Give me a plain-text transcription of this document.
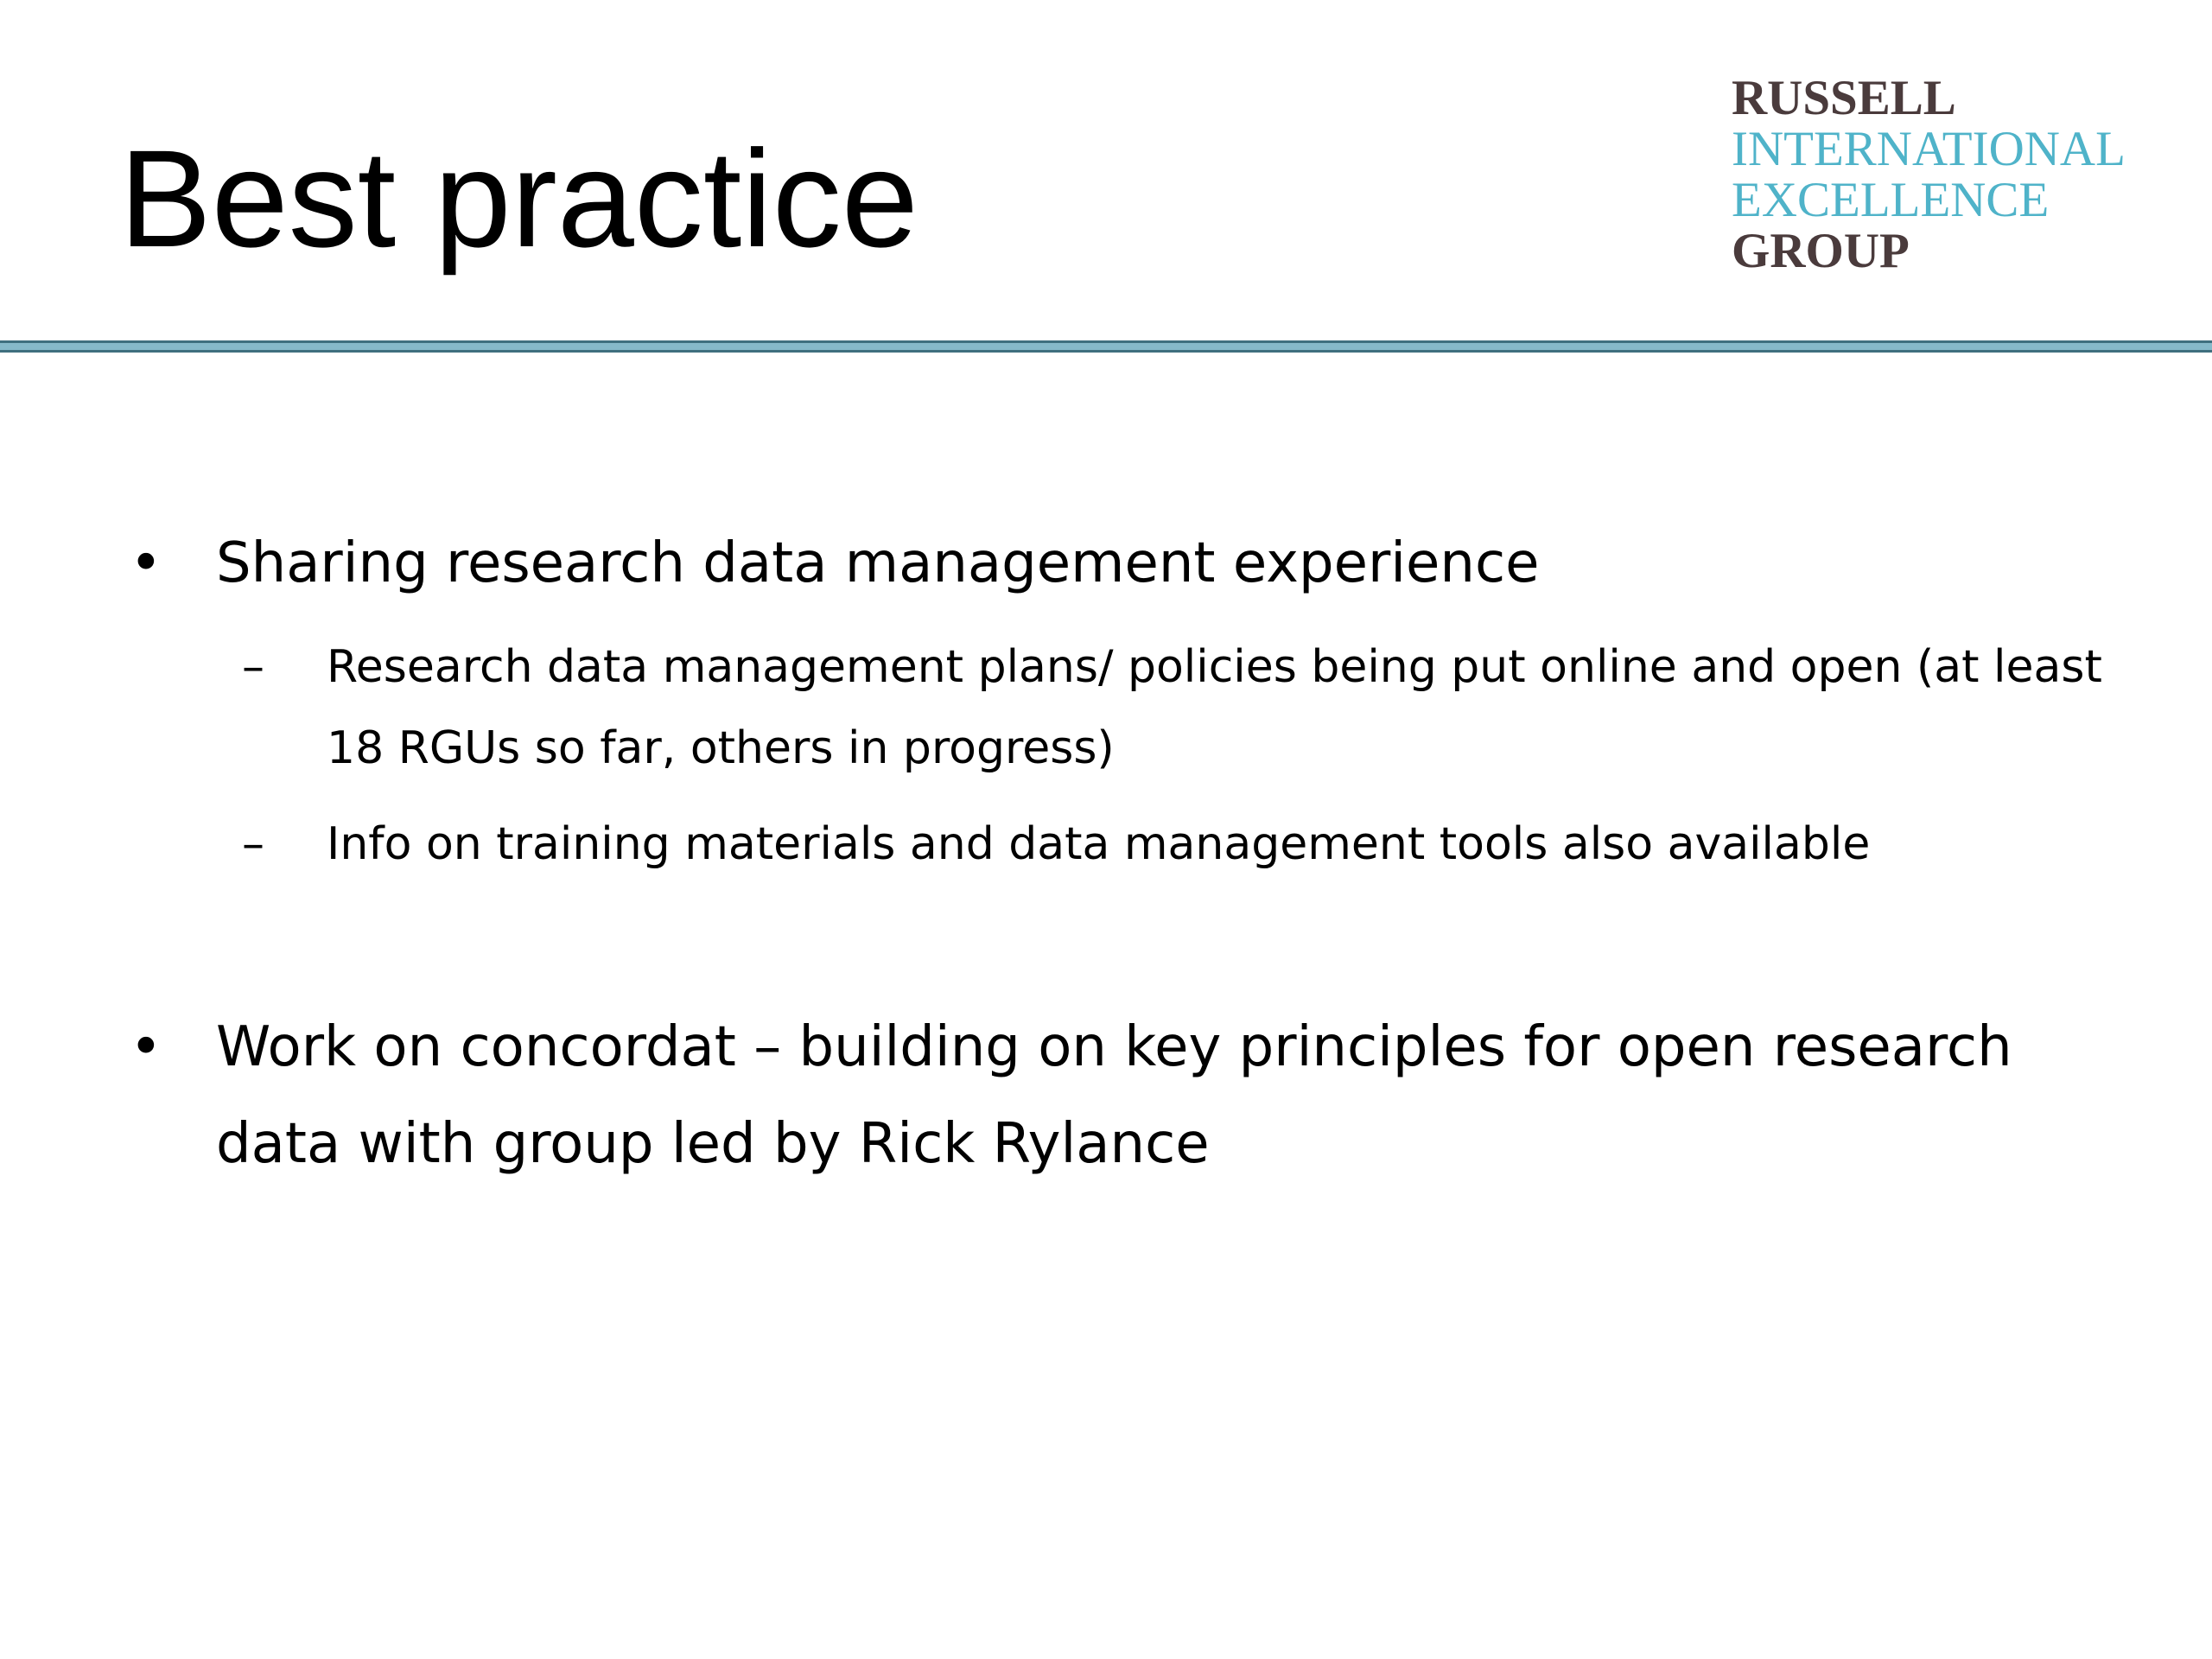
Best practice
RUSSELL
INTERNATIONAL
EXCELLENCE
GROUP
• Sharing research data management experience
– Research data management plans/ policies being put online and open (at least 18 RGUs so far, others in progress)
– Info on training materials and data management tools also available
• Work on concordat – building on key principles for open research data with group led by Rick Rylance
